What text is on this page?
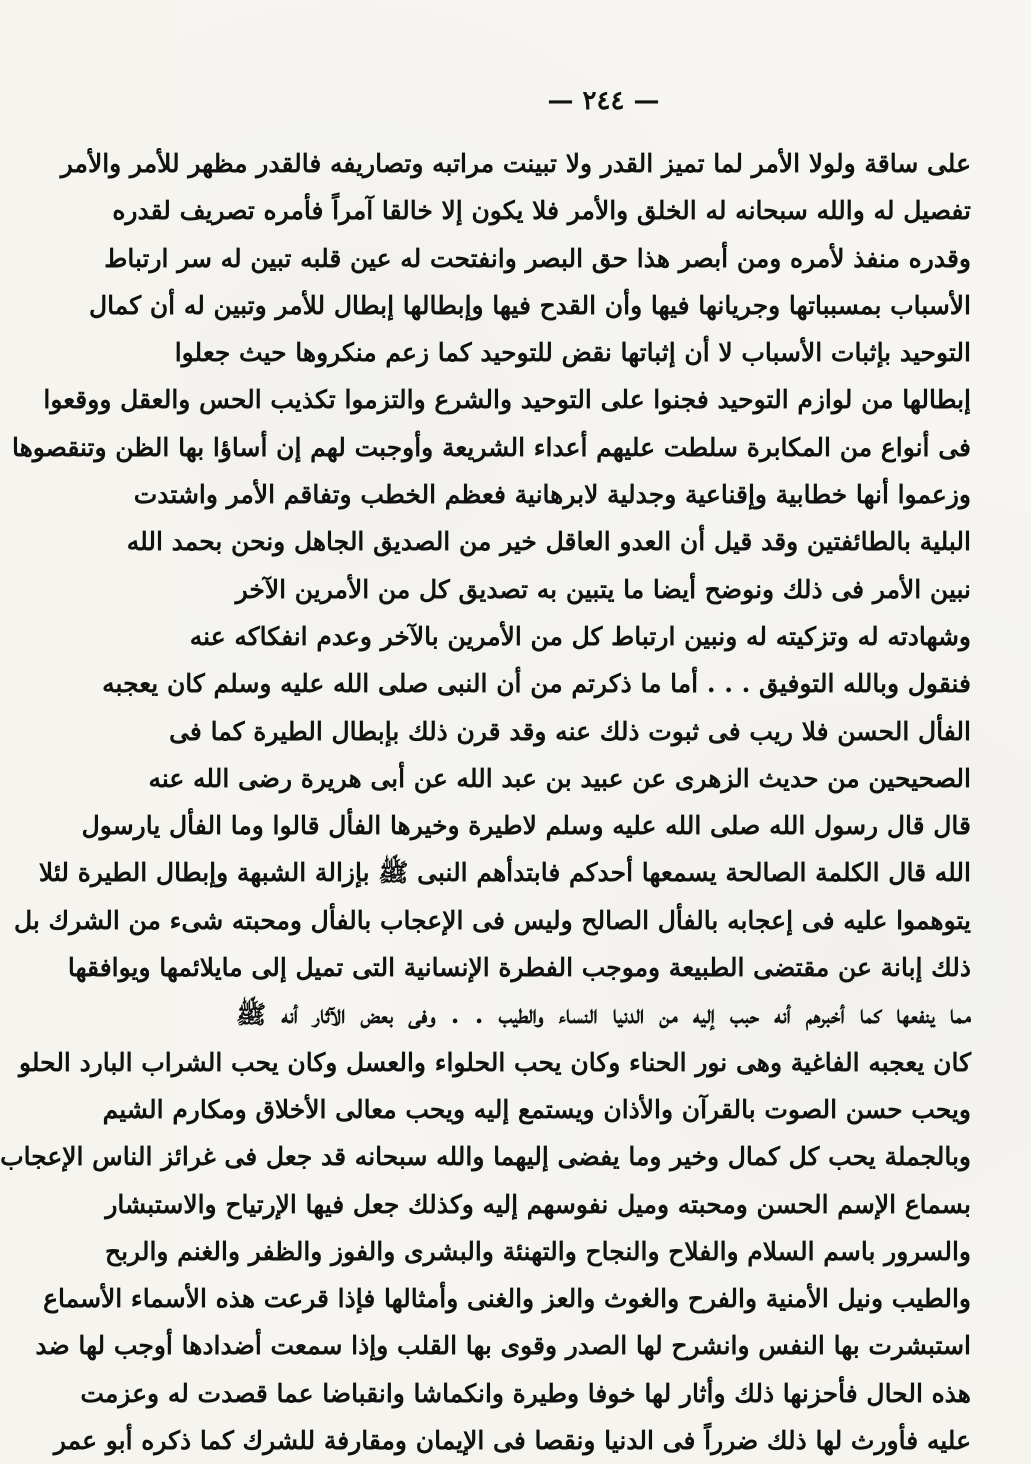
— ٢٤٤ —
على ساقة ولولا الأمر لما تميز القدر ولا تبينت مراتبه وتصاريفه فالقدر مظهر للأمر والأمر
تفصيل له والله سبحانه له الخلق والأمر فلا يكون إلا خالقا آمراً فأمره تصريف لقدره
وقدره منفذ لأمره ومن أبصر هذا حق البصر وانفتحت له عين قلبه تبين له سر ارتباط
الأسباب بمسبباتها وجريانها فيها وأن القدح فيها وإبطالها إبطال للأمر وتبين له أن كمال
التوحيد بإثبات الأسباب لا أن إثباتها نقض للتوحيد كما زعم منكروها حيث جعلوا
إبطالها من لوازم التوحيد فجنوا على التوحيد والشرع والتزموا تكذيب الحس والعقل ووقعوا
فى أنواع من المكابرة سلطت عليهم أعداء الشريعة وأوجبت لهم إن أساؤا بها الظن وتنقصوها
وزعموا أنها خطابية وإقناعية وجدلية لابرهانية فعظم الخطب وتفاقم الأمر واشتدت
البلية بالطائفتين وقد قيل أن العدو العاقل خير من الصديق الجاهل ونحن بحمد الله
نبين الأمر فى ذلك ونوضح أيضا ما يتبين به تصديق كل من الأمرين الآخر
وشهادته له وتزكيته له ونبين ارتباط كل من الأمرين بالآخر وعدم انفكاكه عنه
فنقول وبالله التوفيق . . . أما ما ذكرتم من أن النبى صلى الله عليه وسلم كان يعجبه
الفأل الحسن فلا ريب فى ثبوت ذلك عنه وقد قرن ذلك بإبطال الطيرة كما فى
الصحيحين من حديث الزهرى عن عبيد بن عبد الله عن أبى هريرة رضى الله عنه
قال قال رسول الله صلى الله عليه وسلم لاطيرة وخيرها الفأل قالوا وما الفأل يارسول
الله قال الكلمة الصالحة يسمعها أحدكم فابتدأهم النبى ﷺ بإزالة الشبهة وإبطال الطيرة لئلا
يتوهموا عليه فى إعجابه بالفأل الصالح وليس فى الإعجاب بالفأل ومحبته شىء من الشرك بل
ذلك إبانة عن مقتضى الطبيعة وموجب الفطرة الإنسانية التى تميل إلى مايلائمها ويوافقها
مما ينفعها كما أخبرهم أنه حبب إليه من الدنيا النساء والطيب . . وفى بعض الآثار أنه ﷺ
كان يعجبه الفاغية وهى نور الحناء وكان يحب الحلواء والعسل وكان يحب الشراب البارد الحلو
ويحب حسن الصوت بالقرآن والأذان ويستمع إليه ويحب معالى الأخلاق ومكارم الشيم
وبالجملة يحب كل كمال وخير وما يفضى إليهما والله سبحانه قد جعل فى غرائز الناس الإعجاب
بسماع الإسم الحسن ومحبته وميل نفوسهم إليه وكذلك جعل فيها الإرتياح والاستبشار
والسرور باسم السلام والفلاح والنجاح والتهنئة والبشرى والفوز والظفر والغنم والربح
والطيب ونيل الأمنية والفرح والغوث والعز والغنى وأمثالها فإذا قرعت هذه الأسماء الأسماع
استبشرت بها النفس وانشرح لها الصدر وقوى بها القلب وإذا سمعت أضدادها أوجب لها ضد
هذه الحال فأحزنها ذلك وأثار لها خوفا وطيرة وانكماشا وانقباضا عما قصدت له وعزمت
عليه فأورث لها ذلك ضرراً فى الدنيا ونقصا فى الإيمان ومقارفة للشرك كما ذكره أبو عمر
